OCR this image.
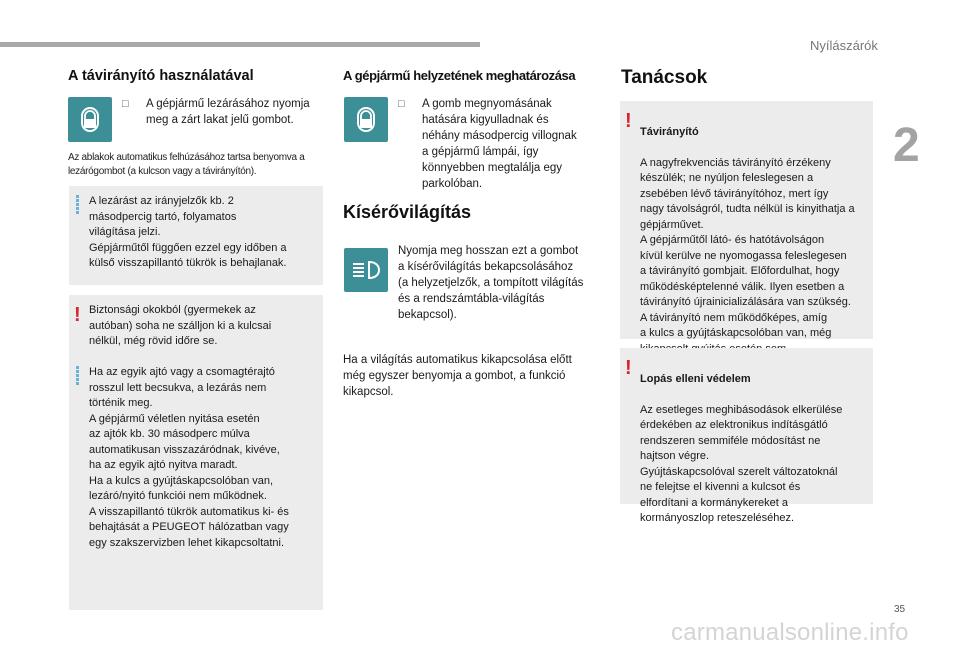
Nyílászárók
2
A távirányító használatával
□	A gépjármű lezárásához nyomja meg a zárt lakat jelű gombot.
Az ablakok automatikus felhúzásához tartsa benyomva a lezárógombot (a kulcson vagy a távirányítón).
A lezárást az irányjelzők kb. 2
másodpercig tartó, folyamatos
világítása jelzi.
Gépjárműtől függően ezzel egy időben a
külső visszapillantó tükrök is behajlanak.
! Biztonsági okokból (gyermekek az
autóban) soha ne szálljon ki a kulcsai
nélkül, még rövid időre se.
Ha az egyik ajtó vagy a csomagtérajtó
rosszul lett becsukva, a lezárás nem
történik meg.
A gépjármű véletlen nyitása esetén
az ajtók kb. 30 másodperc múlva
automatikusan visszazáródnak, kivéve,
ha az egyik ajtó nyitva maradt.
Ha a kulcs a gyújtáskapcsolóban van,
lezáró/nyitó funkciói nem működnek.
A visszapillantó tükrök automatikus ki- és
behajtását a PEUGEOT hálózatban vagy
egy szakszervizben lehet kikapcsoltatni.
A gépjármű helyzetének meghatározása
□	A gomb megnyomásának
hatására kigyulladnak és
néhány másodpercig villognak
a gépjármű lámpái, így
könnyebben megtalálja egy
parkolóban.
Kísérővilágítás
Nyomja meg hosszan ezt a gombot
a kísérővilágítás bekapcsolásához
(a helyzetjelzők, a tompított világítás
és a rendszámtábla-világítás
bekapcsol).
Ha a világítás automatikus kikapcsolása előtt
még egyszer benyomja a gombot, a funkció
kikapcsol.
Tanácsok
! Távirányító

A nagyfrekvenciás távirányító érzékeny
készülék; ne nyúljon feleslegesen a
zsebében lévő távirányítóhoz, mert így
nagy távolságról, tudta nélkül is kinyithatja a
gépjárművet.
A gépjárműtől látó- és hatótávolságon
kívül kerülve ne nyomogassa feleslegesen
a távirányító gombjait. Előfordulhat, hogy
működésképtelenné válik. Ilyen esetben a
távirányító újrainicializálására van szükség.
A távirányító nem működőképes, amíg
a kulcs a gyújtáskapcsolóban van, még

! Lopás elleni védelem

Az esetleges meghibásodások elkerülése
érdekében az elektronikus indításgátló
rendszeren semmiféle módosítást ne
hajtson végre.
Gyújtáskapcsolóval szerelt változatoknál
ne felejtse el kivenni a kulcsot és
elfordítani a kormánykereket a
kormányoszlop reteszeléséhez.

35
carmanualsonline.info
